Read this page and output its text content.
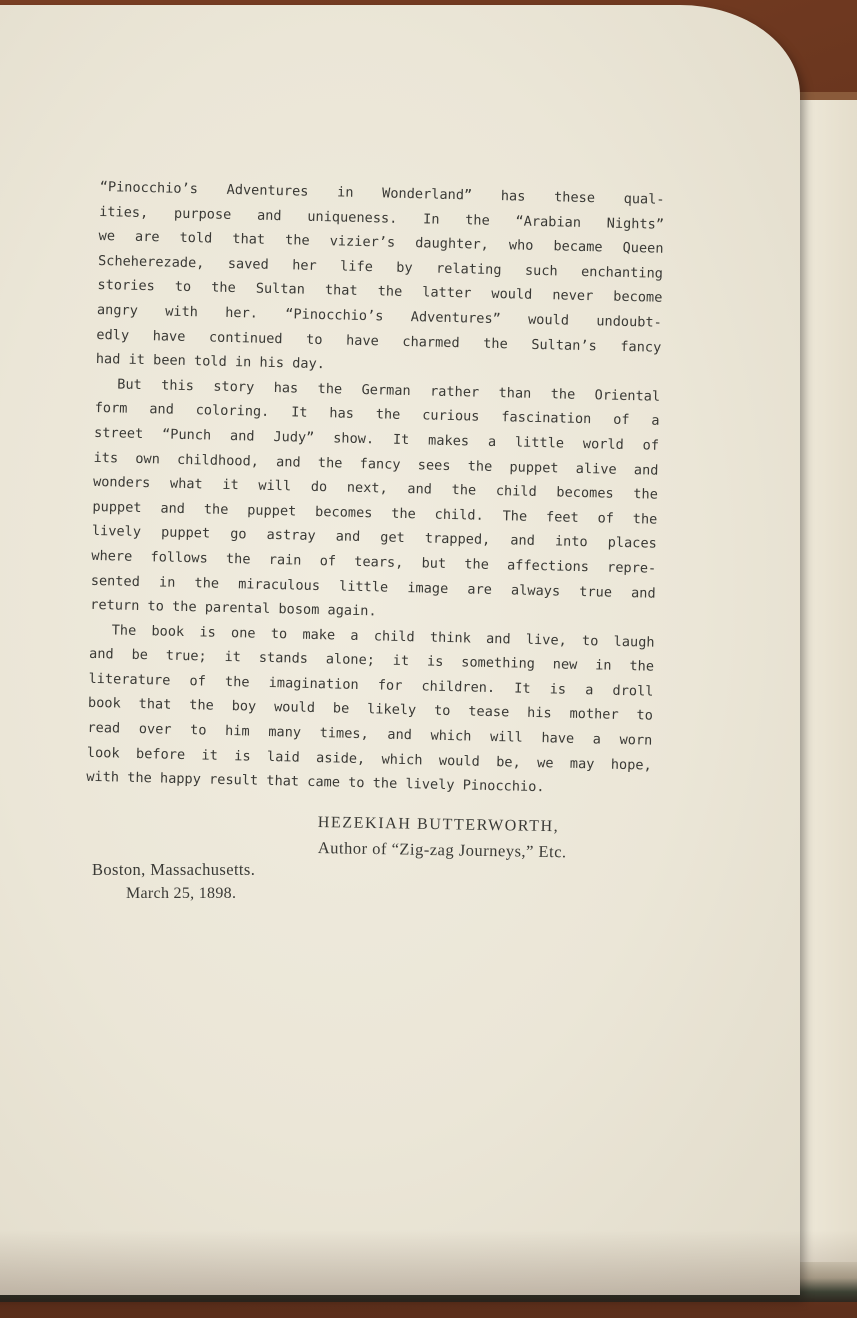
“Pinocchio’s Adventures in Wonderland” has these qual-
ities, purpose and uniqueness. In the “Arabian Nights”
we are told that the vizier’s daughter, who became Queen
Scheherezade, saved her life by relating such enchanting
stories to the Sultan that the latter would never become
angry with her. “Pinocchio’s Adventures” would undoubt-
edly have continued to have charmed the Sultan’s fancy
had it been told in his day.
But this story has the German rather than the Oriental
form and coloring. It has the curious fascination of a
street “Punch and Judy” show. It makes a little world of
its own childhood, and the fancy sees the puppet alive and
wonders what it will do next, and the child becomes the
puppet and the puppet becomes the child. The feet of the
lively puppet go astray and get trapped, and into places
where follows the rain of tears, but the affections repre-
sented in the miraculous little image are always true and
return to the parental bosom again.
The book is one to make a child think and live, to laugh
and be true; it stands alone; it is something new in the
literature of the imagination for children. It is a droll
book that the boy would be likely to tease his mother to
read over to him many times, and which will have a worn
look before it is laid aside, which would be, we may hope,
with the happy result that came to the lively Pinocchio.
HEZEKIAH BUTTERWORTH,
Author of “Zig-zag Journeys,” Etc.
Boston, Massachusetts.
March 25, 1898.
